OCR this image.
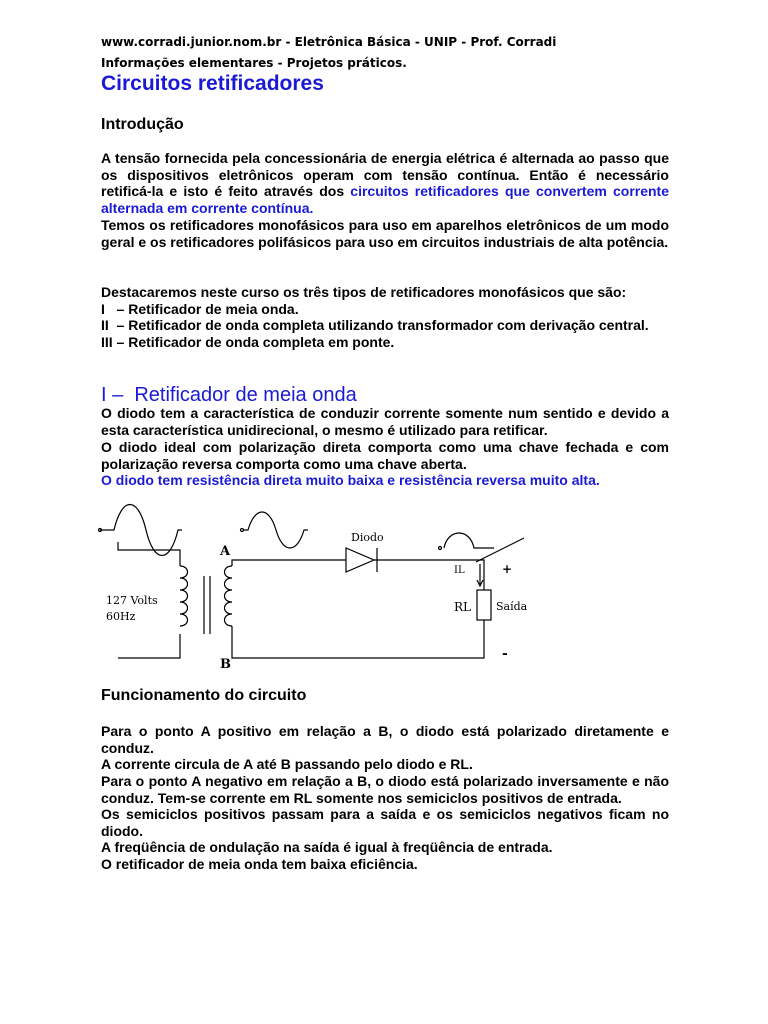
www.corradi.junior.nom.br - Eletrônica Básica - UNIP - Prof. Corradi
Informações elementares - Projetos práticos.
Circuitos retificadores
Introdução

A tensão fornecida pela concessionária de energia elétrica é alternada ao passo que os dispositivos eletrônicos operam com tensão contínua. Então é necessário retificá-la e isto é feito através dos circuitos retificadores que convertem corrente alternada em corrente contínua.

Temos os retificadores monofásicos para uso em aparelhos eletrônicos de um modo geral e os retificadores polifásicos para uso em circuitos industriais de alta potência.

Destacaremos neste curso os três tipos de retificadores monofásicos que são:
I   – Retificador de meia onda.
II  – Retificador de onda completa utilizando transformador com derivação central.
III – Retificador de onda completa em ponte.
I –  Retificador de meia onda

O diodo tem a característica de conduzir corrente somente num sentido e devido a esta característica unidirecional, o mesmo é utilizado para retificar.

O diodo ideal com polarização direta comporta como uma chave fechada e com polarização reversa comporta como uma chave aberta.

O diodo tem resistência direta muito baixa e resistência reversa muito alta.
Funcionamento do circuito

Para o ponto A positivo em relação a B, o diodo está polarizado diretamente e conduz.

A corrente circula de A até B passando pelo diodo e RL.

Para o ponto A negativo em relação a B, o diodo está polarizado inversamente e não conduz. Tem-se corrente em RL somente nos semiciclos positivos de entrada.

Os semiciclos positivos passam para a saída e os semiciclos negativos ficam no diodo.

A freqüência de ondulação na saída é igual à freqüência de entrada.

O retificador de meia onda tem baixa eficiência.

127 Volts
60Hz
A
B
Diodo
IL	+
-
RL Saída
